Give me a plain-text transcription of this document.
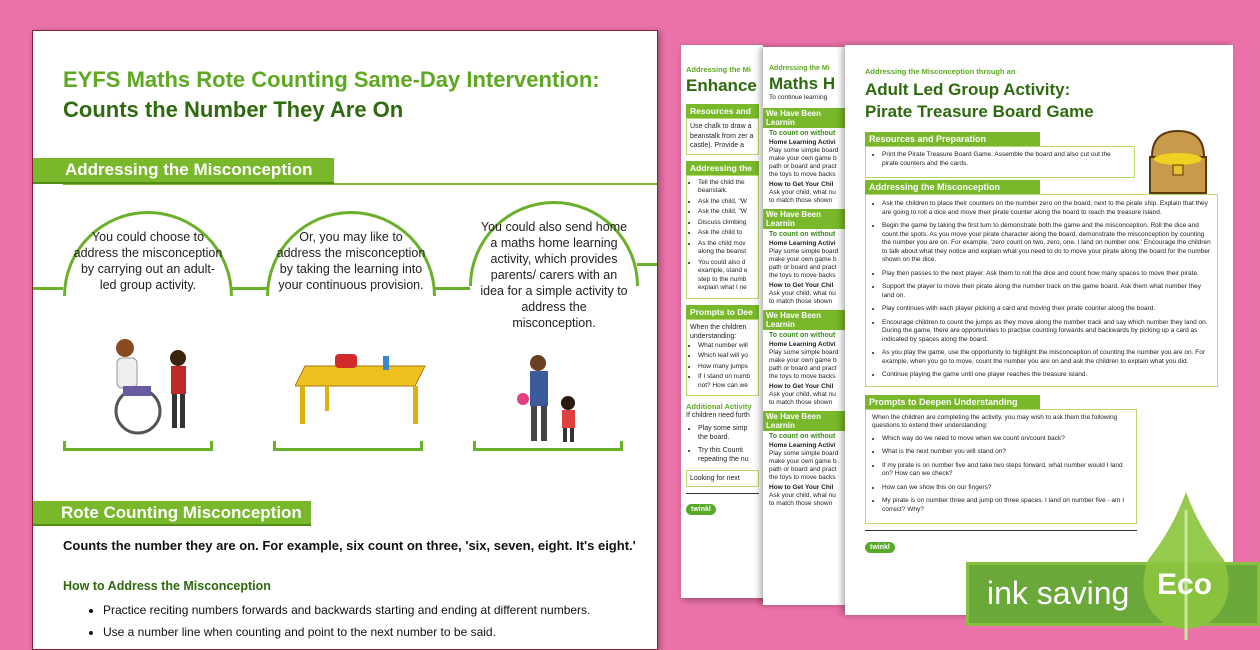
EYFS Maths Rote Counting Same-Day Intervention:
Counts the Number They Are On
Addressing the Misconception

You could choose to address the misconception by carrying out an adult-led group activity.

Or, you may like to address the misconception by taking the learning into your continuous provision.

You could also send home a maths home learning activity, which provides parents/ carers with an idea for a simple activity to address the misconception.

Rote Counting Misconception
Counts the number they are on. For example, six count on three, 'six, seven, eight. It's eight.'
How to Address the Misconception
• Practice reciting numbers forwards and backwards starting and ending at different numbers.
• Use a number line when counting and point to the next number to be said.
Addressing the Mi
Enhance
Resources and
Use chalk to draw a beanstalk from zer a castle). Provide a
Addressing the
• Tell the child the beanstalk.
• Ask the child, "W
• Ask the child, "W
• Discuss climbing
• Ask the child to
• As the child mov along the beanst
• You could also d example, stand e step to the numb explain what I ne
Prompts to Dee
When the children understanding:
• What number will
• Which leaf will yo
• How many jumps
• If I stand on numb not? How can we
Additional Activity
If children need furth
• Play some simp the board.
• Try this Counti repeating the nu
Looking for next
twinkl
Addressing the Mi
Maths H
To continue learning
We Have Been Learnin
To count on without
Home Learning Activi
Play some simple board make your own game b path or board and pract the toys to move backs
How to Get Your Chil
Ask your child, what nu to match those shown
We Have Been Learnin
To count on without
Home Learning Activi
Play some simple board make your own game b path or board and pract the toys to move backs
How to Get Your Chil
Ask your child, what nu to match those shown
We Have Been Learnin
To count on without
Home Learning Activi
Play some simple board make your own game b path or board and pract the toys to move backs
How to Get Your Chil
Ask your child, what nu to match those shown
We Have Been Learnin
To count on without
Home Learning Activi
Play some simple board make your own game b path or board and pract the toys to move backs
How to Get Your Chil
Ask your child, what nu to match those shown
Addressing the Misconception through an
Adult Led Group Activity:
Pirate Treasure Board Game
Resources and Preparation
• Print the Pirate Treasure Board Game. Assemble the board and also cut out the pirate counters and the cards.
Addressing the Misconception
• Ask the children to place their counters on the number zero on the board, next to the pirate ship. Explain that they are going to roll a dice and move their pirate counter along the board to reach the treasure island.
• Begin the game by taking the first turn to demonstrate both the game and the misconception. Roll the dice and count the spots. As you move your pirate character along the board, demonstrate the misconception by counting the number you are on. For example, 'zero count on two, zero, one. I land on number one.' Encourage the children to talk about what they notice and explain what you need to do to move your pirate along the board for the number shown on the dice.
• Play then passes to the next player. Ask them to roll the dice and count how many spaces to move their pirate.
• Support the player to move their pirate along the number track on the game board. Ask them what number they land on.
• Play continues with each player picking a card and moving their pirate counter along the board.
• Encourage children to count the jumps as they move along the number track and say which number they land on. During the game, there are opportunities to practise counting forwards and backwards by picking up a card as indicated by spaces along the board.
• As you play the game, use the opportunity to highlight the misconception of counting the number you are on. For example, when you go to move, count the number you are on and ask the children to explain what you did.
• Continue playing the game until one player reaches the treasure island.
Prompts to Deepen Understanding
When the children are completing the activity, you may wish to ask them the following questions to extend their understanding:
• Which way do we need to move when we count on/count back?
• What is the next number you will stand on?
• If my pirate is on number five and take two steps forward, what number would I land on? How can we check?
• How can we show this on our fingers?
• My pirate is on number three and jump on three spaces. I land on number five - am I correct? Why?
twinkl
ink saving Eco
